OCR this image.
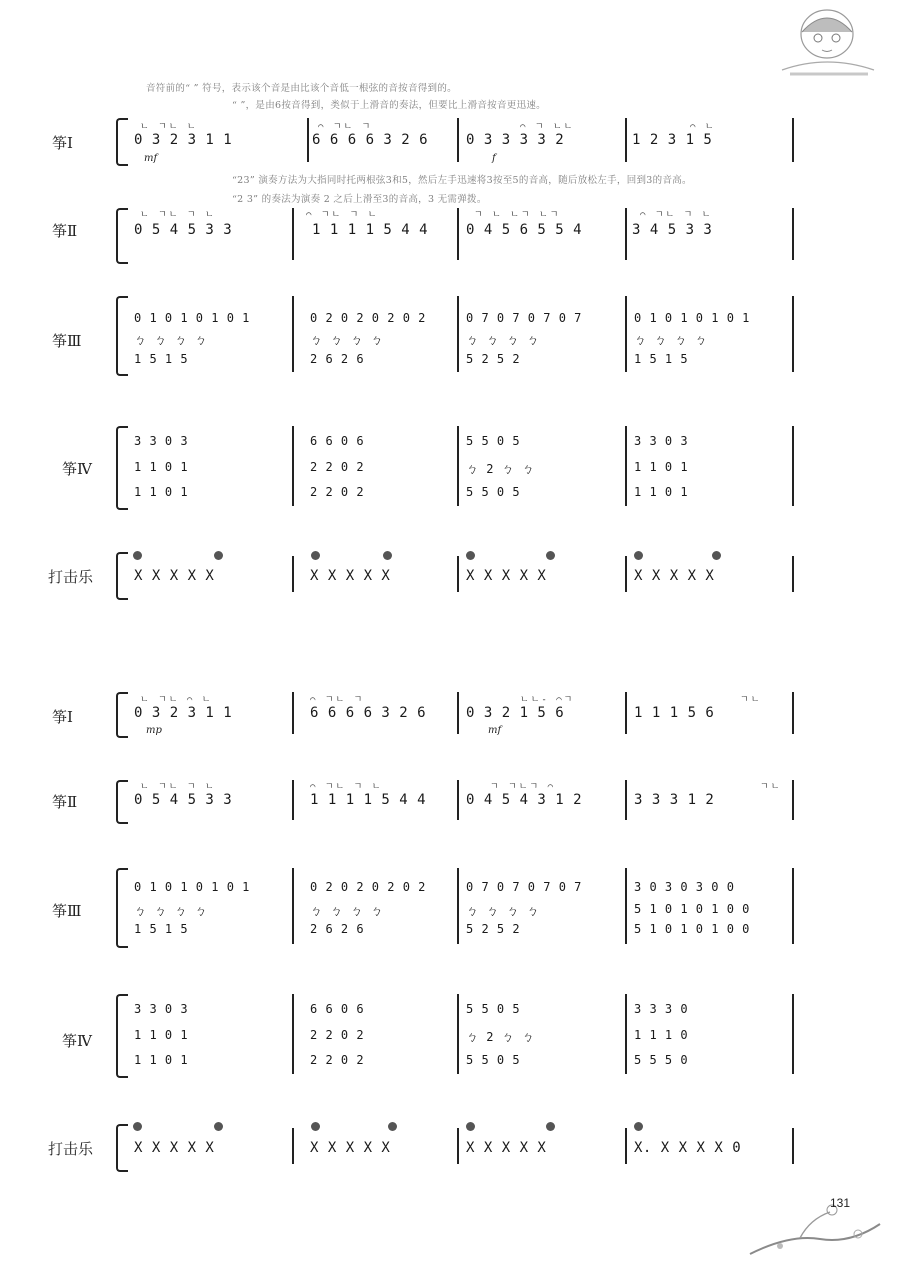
音符前的“ ” 符号，表示该个音是由比该个音低一根弦的音按音得到的。
“ ”，是由6按音得到，类似于上滑音的奏法，但要比上滑音按音更迅速。
“23” 演奏方法为大指同时托两根弦3和5，然后左手迅速将3按至5的音高，随后放松左手，回到3的音高。
“2 3” 的奏法为演奏 2 之后上滑至3的音高，3 无需弹拨。
筝Ⅰ
筝Ⅱ
筝Ⅲ
筝Ⅳ
打击乐
ㄴ ㄱㄴ ㄴ	⌒ ㄱㄴ ㄱ	⌒ ㄱ ㄴㄴ	⌒ ㄴ
ㄴ ㄱㄴ ㄱ ㄴ	⌒ ㄱㄴ ㄱ ㄴ	ㄱ ㄴ ㄴㄱ ㄴㄱ	⌒ ㄱㄴ ㄱ ㄴ
0 3 2 3 1 1	6 6 6 6 3 2 6	0 3 3 3 3 2	1 2 3 1 5
mf	f
0 5 4 5 3 3	1 1 1 1 5 4 4	0 4 5 6 5 5 4	3 4 5 3 3
0 1 0 1 0 1 0 1	0 2 0 2 0 2 0 2	0 7 0 7 0 7 0 7	0 1 0 1 0 1 0 1
ㄅ ㄅ ㄅ ㄅ	ㄅ ㄅ ㄅ ㄅ	ㄅ ㄅ ㄅ ㄅ	ㄅ ㄅ ㄅ ㄅ
1 5 1 5	2 6 2 6	5 2 5 2	1 5 1 5
3 3 0 3	6 6 0 6	5 5 0 5	3 3 0 3
1 1 0 1	2 2 0 2	ㄅ 2 ㄅ ㄅ	1 1 0 1
1 1 0 1	2 2 0 2	5 5 0 5	1 1 0 1
X X X X X	X X X X X	X X X X X	X X X X X
筝Ⅰ
筝Ⅱ
筝Ⅲ
筝Ⅳ
打击乐
ㄴ ㄱㄴ ⌒ ㄴ	⌒ ㄱㄴ ㄱ	ㄴㄴ- ⌒ㄱ	ㄱㄴ
ㄴ ㄱㄴ ㄱ ㄴ	⌒ ㄱㄴ ㄱ ㄴ	ㄱ ㄱㄴㄱ ⌒	ㄱㄴ
0 3 2 3 1 1	6 6 6 6 3 2 6	0 3 2 1 5 6	1 1 1 5 6
mp	mf
0 5 4 5 3 3	1 1 1 1 5 4 4	0 4 5 4 3 1 2	3 3 3 1 2
0 1 0 1 0 1 0 1	0 2 0 2 0 2 0 2	0 7 0 7 0 7 0 7	3 0 3 0 3 0 0
ㄅ ㄅ ㄅ ㄅ	ㄅ ㄅ ㄅ ㄅ	ㄅ ㄅ ㄅ ㄅ	5 1 0 1 0 1 0 0
1 5 1 5	2 6 2 6	5 2 5 2	5 1 0 1 0 1 0 0
3 3 0 3	6 6 0 6	5 5 0 5	3 3 3 0
1 1 0 1	2 2 0 2	ㄅ 2 ㄅ ㄅ	1 1 1 0
1 1 0 1	2 2 0 2	5 5 0 5	5 5 5 0
X X X X X	X X X X X	X X X X X	X. X X X X 0
131
